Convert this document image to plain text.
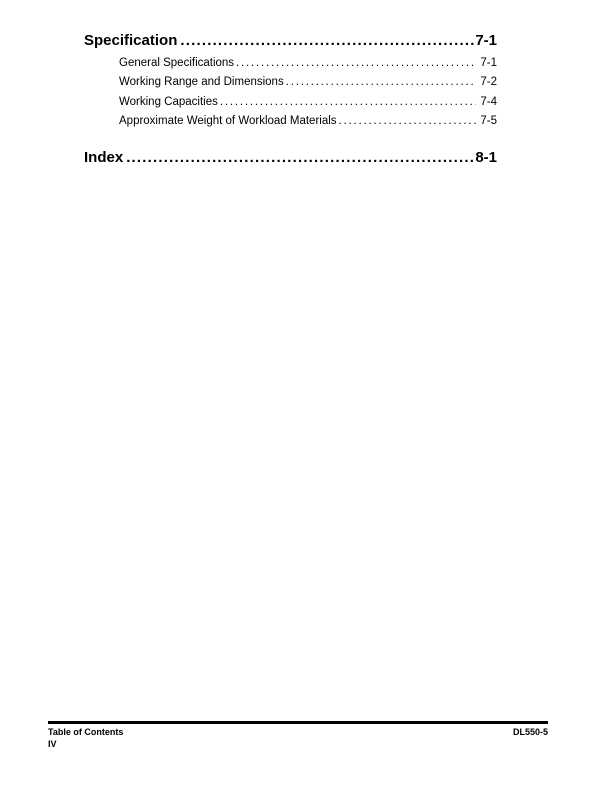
Specification .....	7-1
General Specifications .....	7-1
Working Range and Dimensions .....	7-2
Working Capacities .....	7-4
Approximate Weight of Workload Materials .....	7-5
Index .....	8-1
Table of Contents
IV
DL550-5
